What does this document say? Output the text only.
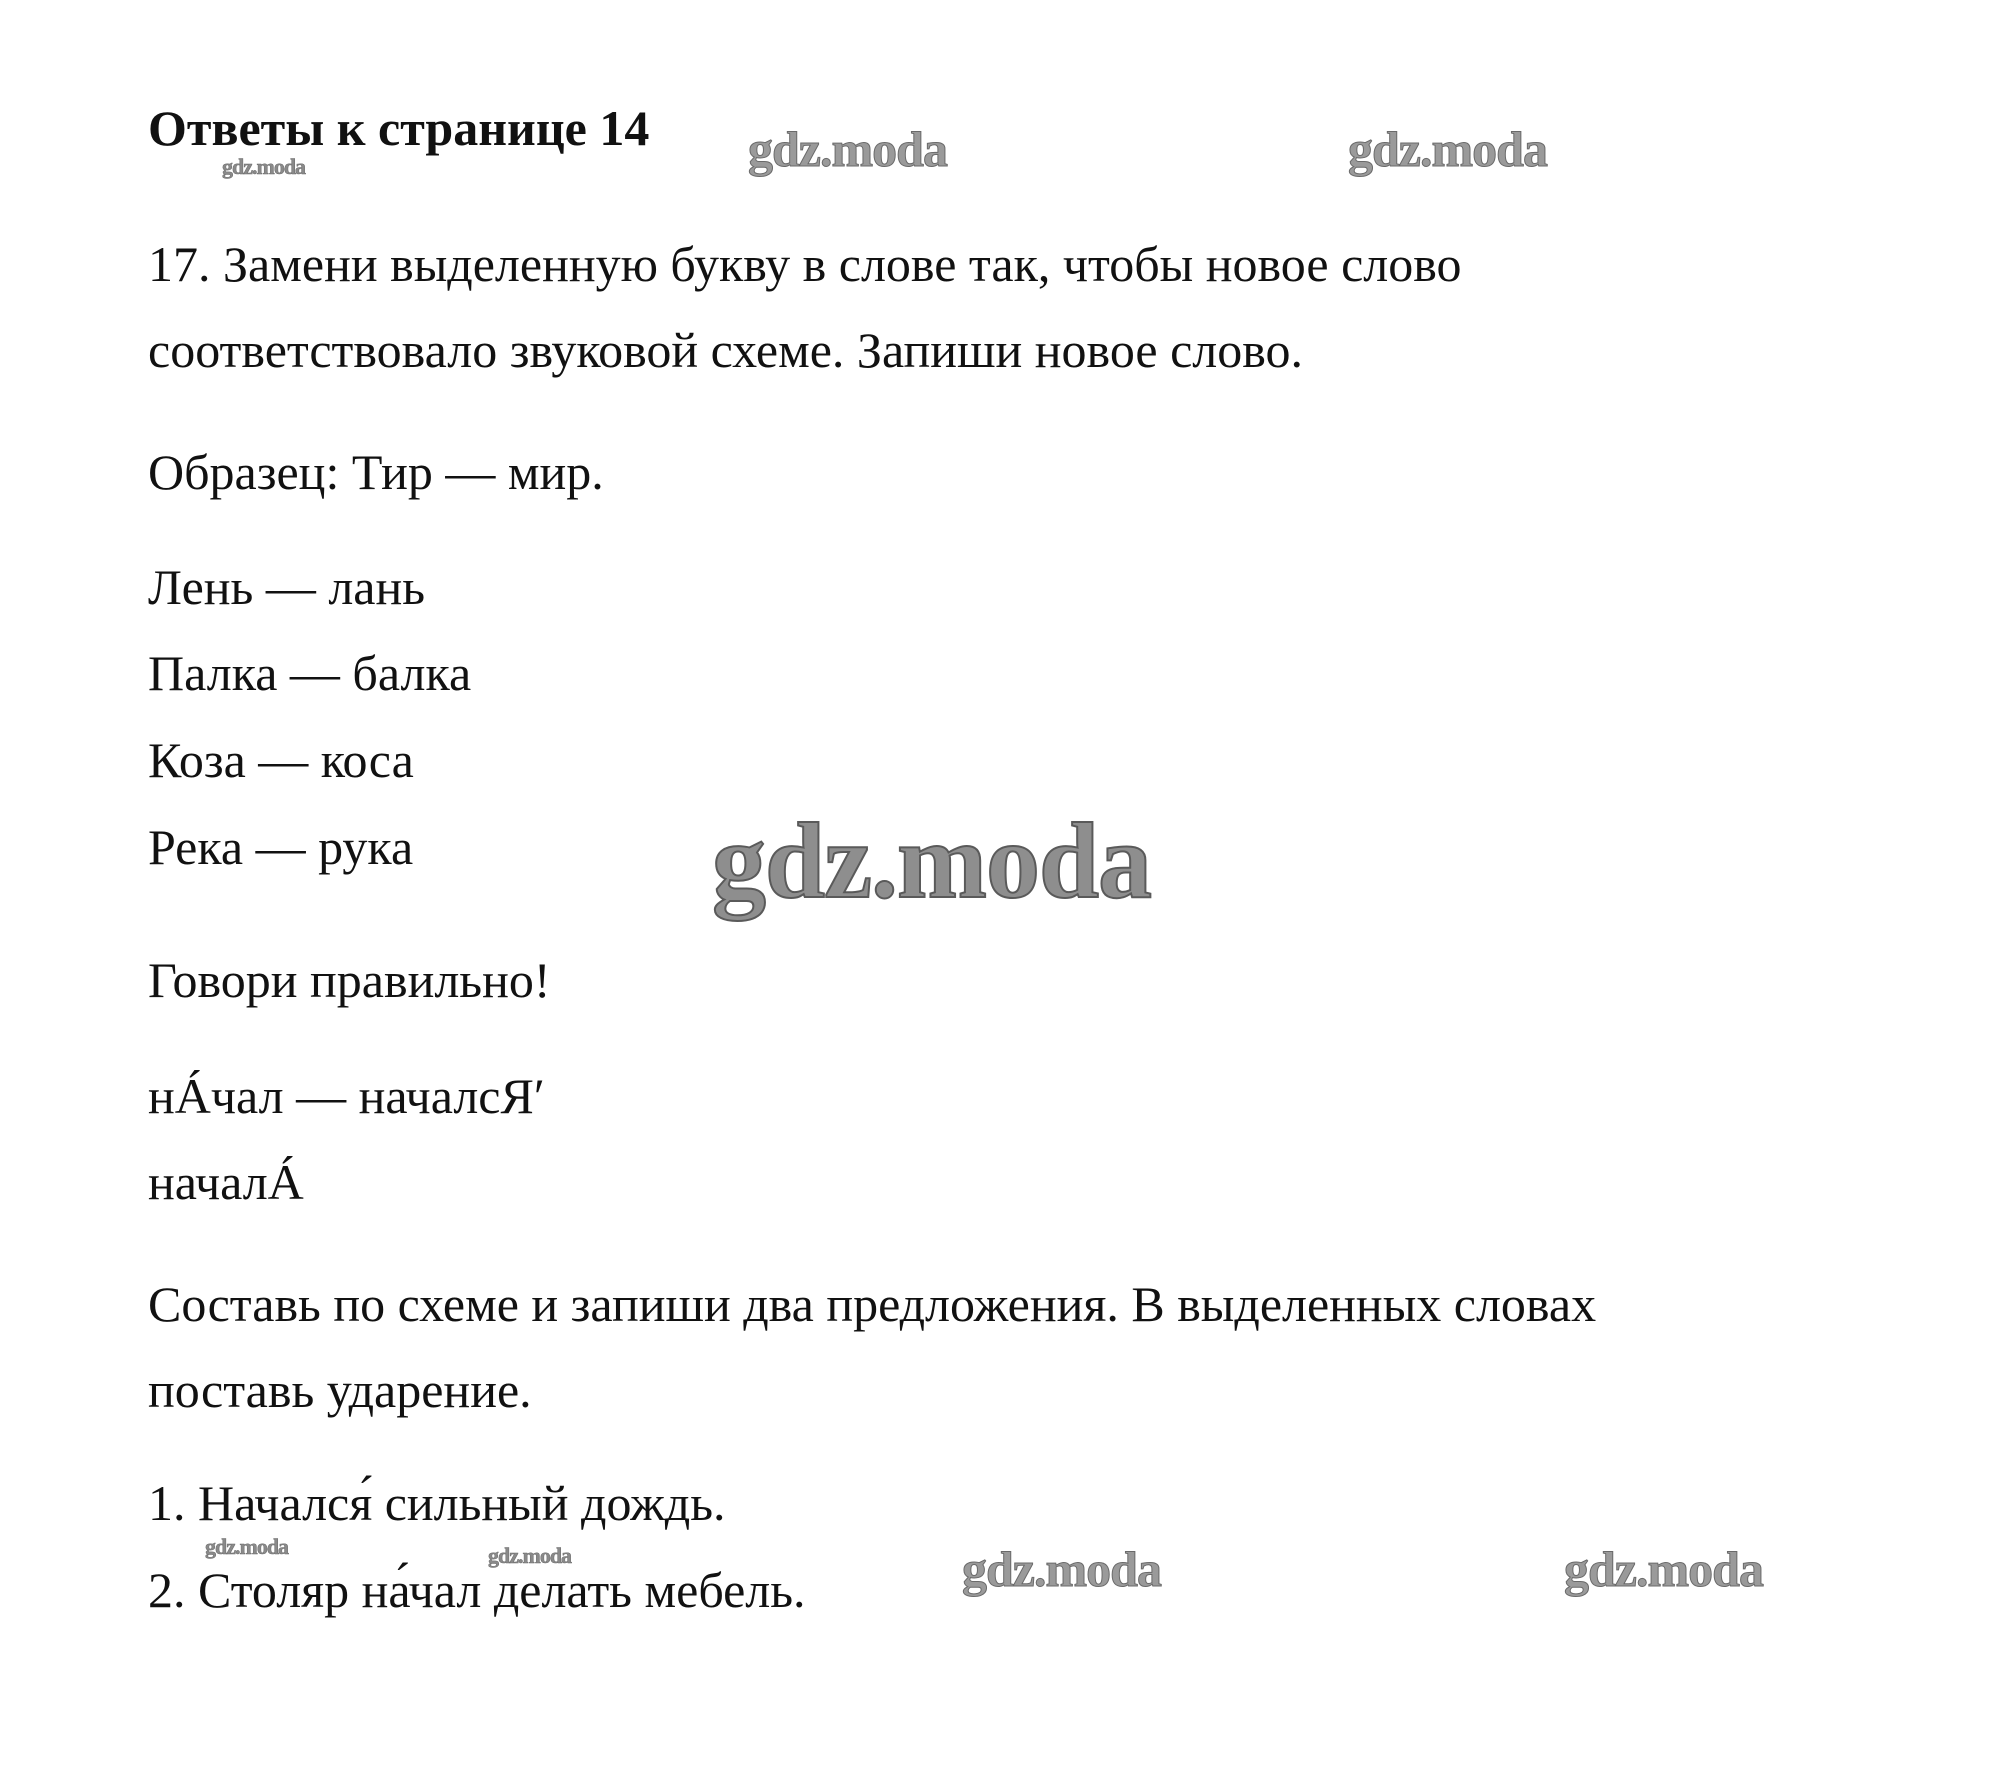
Ответы к странице 14
17. Замени выделенную букву в слове так, чтобы новое слово
соответствовало звуковой схеме. Запиши новое слово.
Образец: Тир — мир.
Лень — лань
Палка — балка
Коза — коса
Река — рука
Говори правильно!
нÁчал — началсЯ′
началÁ
Составь по схеме и запиши два предложения. В выделенных словах
поставь ударение.
1. Начался́ сильный дождь.
2. Столяр на́чал делать мебель.
gdz.moda	gdz.moda
gdz.moda
gdz.moda
gdz.moda	gdz.moda	gdz.moda	gdz.moda
